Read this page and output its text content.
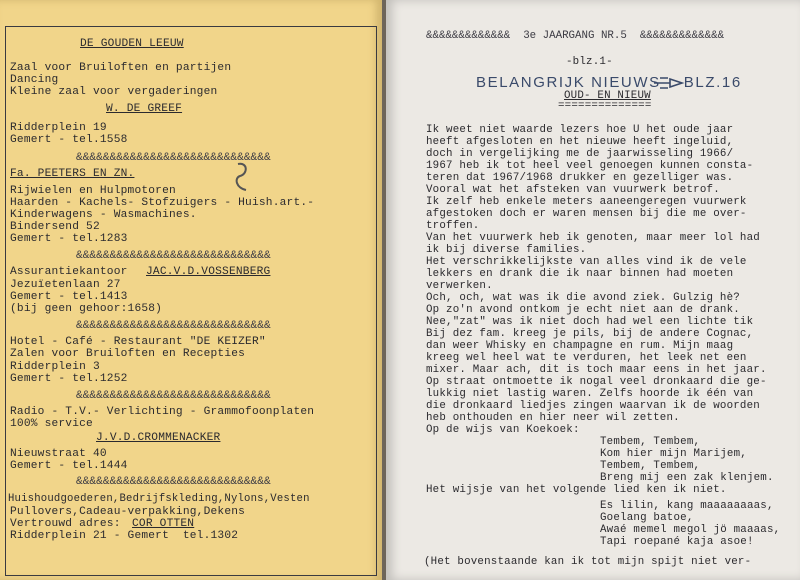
DE GOUDEN LEEUW
Zaal voor Bruiloften en partijen
Dancing
Kleine zaal voor vergaderingen
W. DE GREEF
Ridderplein 19
Gemert - tel.1558
&&&&&&&&&&&&&&&&&&&&&&&&&&&&&
Fa. PEETERS EN ZN.
Rijwielen en Hulpmotoren
Haarden - Kachels- Stofzuigers - Huish.art.-
Kinderwagens - Wasmachines.
Bindersend 52
Gemert - tel.1283
&&&&&&&&&&&&&&&&&&&&&&&&&&&&&
Assurantiekantoor JAC.V.D.VOSSENBERG
Jezuïetenlaan 27
Gemert - tel.1413
(bij geen gehoor:1658)
&&&&&&&&&&&&&&&&&&&&&&&&&&&&&
Hotel - Café - Restaurant "DE KEIZER"
Zalen voor Bruiloften en Recepties
Ridderplein 3
Gemert - tel.1252
&&&&&&&&&&&&&&&&&&&&&&&&&&&&&
Radio - T.V.- Verlichting - Grammofoonplaten
100% service
J.V.D.CROMMENACKER
Nieuwstraat 40
Gemert - tel.1444
&&&&&&&&&&&&&&&&&&&&&&&&&&&&&
Huishoudgoederen,Bedrijfskleding,Nylons,Vesten
Pullovers,Cadeau-verpakking,Dekens
Vertrouwd adres: COR OTTEN
Ridderplein 21 - Gemert  tel.1302
&&&&&&&&&&&&&  3e JAARGANG NR.5  &&&&&&&&&&&&&
-blz.1-
OUD- EN NIEUW
==============
Ik weet niet waarde lezers hoe U het oude jaar
heeft afgesloten en het nieuwe heeft ingeluid,
doch in vergelijking me de jaarwisseling 1966/
1967 heb ik tot heel veel genoegen kunnen consta-
teren dat 1967/1968 drukker en gezelliger was.
Vooral wat het afsteken van vuurwerk betrof.
Ik zelf heb enkele meters aaneengeregen vuurwerk
afgestoken doch er waren mensen bij die me over-
troffen.
Van het vuurwerk heb ik genoten, maar meer lol had
ik bij diverse families.
Het verschrikkelijkste van alles vind ik de vele
lekkers en drank die ik naar binnen had moeten
verwerken.
Och, och, wat was ik die avond ziek. Gulzig hè?
Op zo'n avond ontkom je echt niet aan de drank.
Nee,"zat" was ik niet doch had wel een lichte tik
Bij dez fam. kreeg je pils, bij de andere Cognac,
dan weer Whisky en champagne en rum. Mijn maag
kreeg wel heel wat te verduren, het leek net een
mixer. Maar ach, dit is toch maar eens in het jaar.
Op straat ontmoette ik nogal veel dronkaard die ge-
lukkig niet lastig waren. Zelfs hoorde ik één van
die dronkaard liedjes zingen waarvan ik de woorden
heb onthouden en hier neer wil zetten.
Op de wijs van Koekoek:
Tembem, Tembem,
Kom hier mijn Marijem,
Tembem, Tembem,
Breng mij een zak klenjem.
Het wijsje van het volgende lied ken ik niet.
Es lilin, kang maaaaaaaas,
Goelang batoe,
Awaé memel megol jö maaaas,
Tapi roepané kaja asoe!
(Het bovenstaande kan ik tot mijn spijt niet ver-
BELANGRIJK NIEUWS    BLZ.16
